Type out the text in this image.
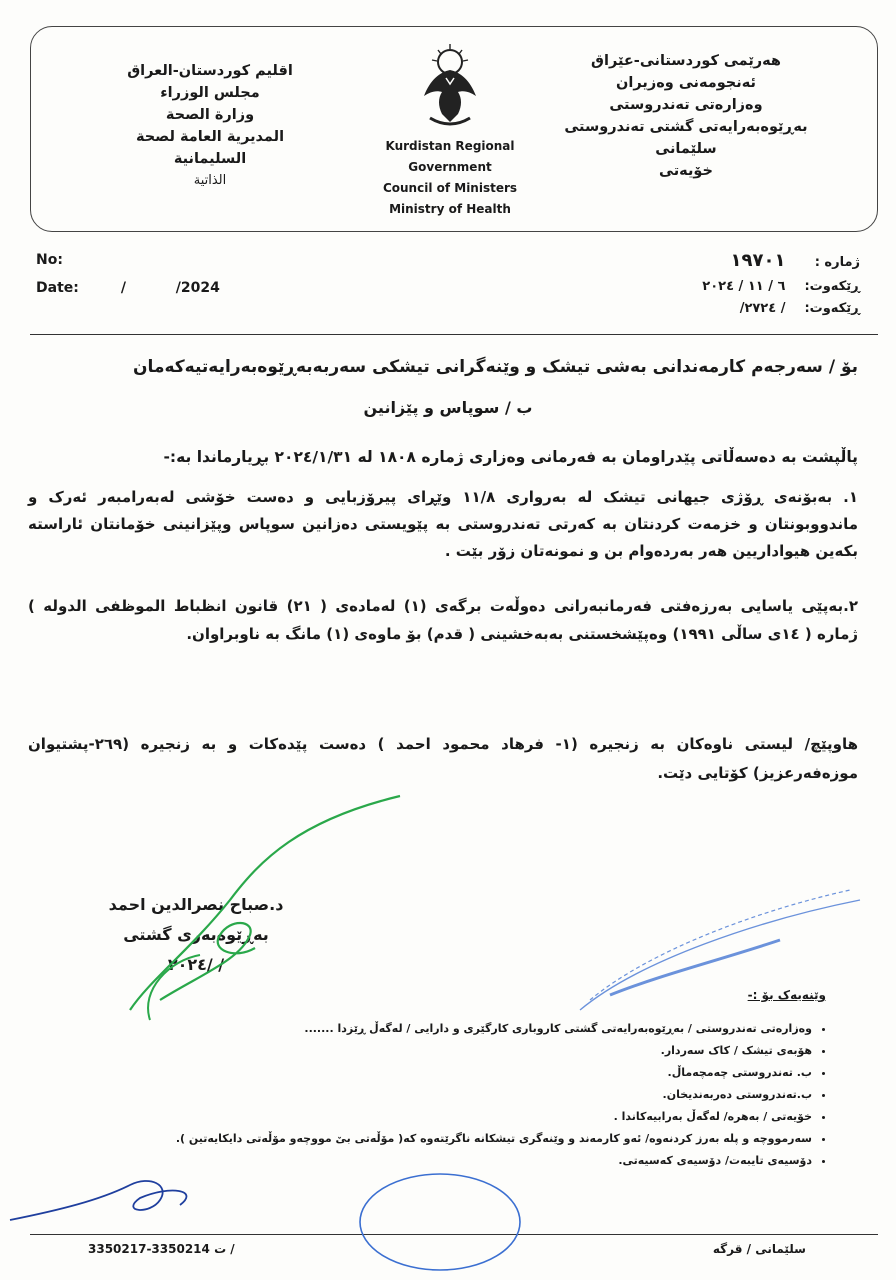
هەرێمی کوردستانی-عێراق
ئەنجومەنی وەزیران
وەزارەتی تەندروستی
بەڕێوەبەرایەتی گشتی تەندروستی
سلێمانی
خۆیەتی
Kurdistan Regional
Government
Council of Ministers
Ministry of Health
اقليم كوردستان-العراق
مجلس الوزراء
وزارة الصحة
المديرية العامة لصحة
السليمانية
الذاتية
No:
Date:	/	/2024
ژمارە : ١٩٧٠١
ڕێکەوت: ٦ / ١١ / ٢٠٢٤
ڕێکەوت: / ٢٧٢٤/
بۆ / سەرجەم کارمەندانی بەشی تیشک و وێنەگرانی تیشکی سەربەبەڕێوەبەرایەتیەکەمان
ب / سوپاس و پێزانین
پاڵپشت بە دەسەڵاتی پێدراومان بە فەرمانی وەزاری ژمارە ١٨٠٨ لە ٢٠٢٤/١/٣١ بڕیارماندا بە:-
١. بەبۆنەی ڕۆژی جیهانی تیشک لە بەرواری ١١/٨ وێڕای پیرۆزبایی و دەست خۆشی لەبەرامبەر ئەرک و ماندووبونتان و خزمەت کردنتان بە کەرتی تەندروستی بە پێویستی دەزانین سوپاس وپێزانینی خۆمانتان ئاراستە بکەین هیواداریین هەر بەردەوام بن و نمونەتان زۆر بێت .
٢.بەپێی یاسایی بەرزەفتی فەرمانبەرانی دەوڵەت برگەی (١) لەمادەی ( ٢١) قانون انظباط الموظفی الدوله ) ژمارە ( ١٤ی ساڵی ١٩٩١) وەپێشخستنی بەبەخشینی ( قدم) بۆ ماوەی (١) مانگ بە ناوبراوان.
هاوپێچ/ لیستی ناوەکان بە زنجیرە (١- فرهاد محمود احمد ) دەست پێدەکات و بە زنجیرە (٢٦٩-پشتیوان موزەفەرعزیز) کۆتایی دێت.
د.صباح نصرالدين احمد
بەڕێوەبەری گشتی
/ /٢٠٢٤
وێنەیەک بۆ :-
• وەزارەتی تەندروستی / بەڕێوەبەرایەتی گشتی کاروباری کارگێری و دارایی / لەگەڵ ڕێزدا .......
• هۆبەی تیشک / کاک سەردار.
• ب. تەندروستی چەمچەماڵ.
• ب.تەندروستی دەربەندیخان.
• خۆیەتی / بەهرە/ لەگەڵ بەرابیەکاندا .
• سەرمووچە و پلە بەرز کردنەوە/ ئەو کارمەند و وێنەگری تیشکانە ناگرێتەوە کە( مۆڵەتی بێ مووچەو مۆڵەتی دایکایەتین ).
• دۆسیەی تایبەت/ دۆسیەی کەسیەتی.
3350217-3350214 ت /	سلێمانی / قرگە
